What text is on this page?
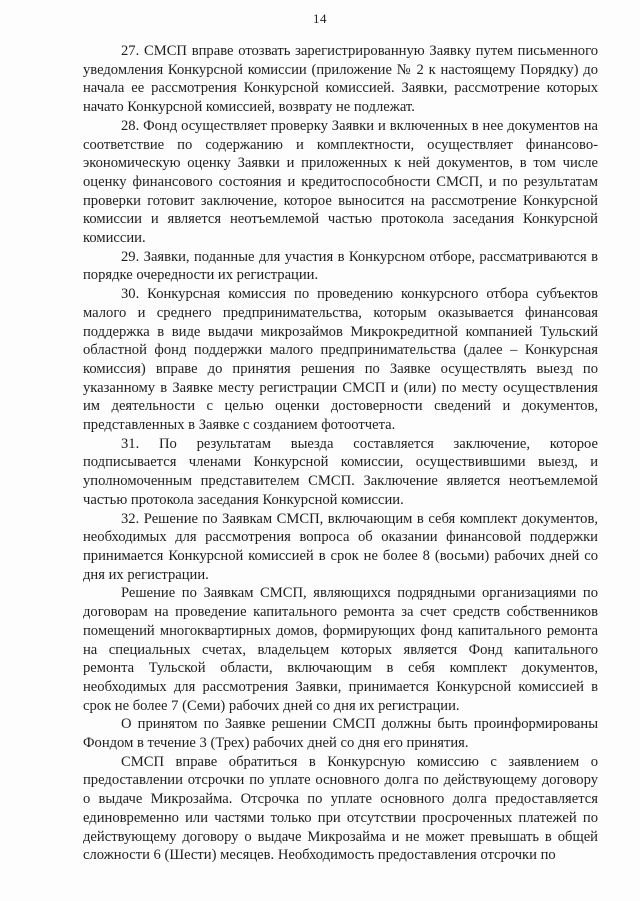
14

27. СМСП вправе отозвать зарегистрированную Заявку путем письменного уведомления Конкурсной комиссии (приложение № 2 к настоящему Порядку) до начала ее рассмотрения Конкурсной комиссией. Заявки, рассмотрение которых начато Конкурсной комиссией, возврату не подлежат.

28. Фонд осуществляет проверку Заявки и включенных в нее документов на соответствие по содержанию и комплектности, осуществляет финансово-экономическую оценку Заявки и приложенных к ней документов, в том числе оценку финансового состояния и кредитоспособности СМСП, и по результатам проверки готовит заключение, которое выносится на рассмотрение Конкурсной комиссии и является неотъемлемой частью протокола заседания Конкурсной комиссии.

29. Заявки, поданные для участия в Конкурсном отборе, рассматриваются в порядке очередности их регистрации.

30. Конкурсная комиссия по проведению конкурсного отбора субъектов малого и среднего предпринимательства, которым оказывается финансовая поддержка в виде выдачи микрозаймов Микрокредитной компанией Тульский областной фонд поддержки малого предпринимательства (далее – Конкурсная комиссия) вправе до принятия решения по Заявке осуществлять выезд по указанному в Заявке месту регистрации СМСП и (или) по месту осуществления им деятельности с целью оценки достоверности сведений и документов, представленных в Заявке с созданием фотоотчета.

31. По результатам выезда составляется заключение, которое подписывается членами Конкурсной комиссии, осуществившими выезд, и уполномоченным представителем СМСП. Заключение является неотъемлемой частью протокола заседания Конкурсной комиссии.

32. Решение по Заявкам СМСП, включающим в себя комплект документов, необходимых для рассмотрения вопроса об оказании финансовой поддержки принимается Конкурсной комиссией в срок не более 8 (восьми) рабочих дней со дня их регистрации.

Решение по Заявкам СМСП, являющихся подрядными организациями по договорам на проведение капитального ремонта за счет средств собственников помещений многоквартирных домов, формирующих фонд капитального ремонта на специальных счетах, владельцем которых является Фонд капитального ремонта Тульской области, включающим в себя комплект документов, необходимых для рассмотрения Заявки, принимается Конкурсной комиссией в срок не более 7 (Семи) рабочих дней со дня их регистрации.

О принятом по Заявке решении СМСП должны быть проинформированы Фондом в течение 3 (Трех) рабочих дней со дня его принятия.

СМСП вправе обратиться в Конкурсную комиссию с заявлением о предоставлении отсрочки по уплате основного долга по действующему договору о выдаче Микрозайма. Отсрочка по уплате основного долга предоставляется единовременно или частями только при отсутствии просроченных платежей по действующему договору о выдаче Микрозайма и не может превышать в общей сложности 6 (Шести) месяцев. Необходимость предоставления отсрочки по
